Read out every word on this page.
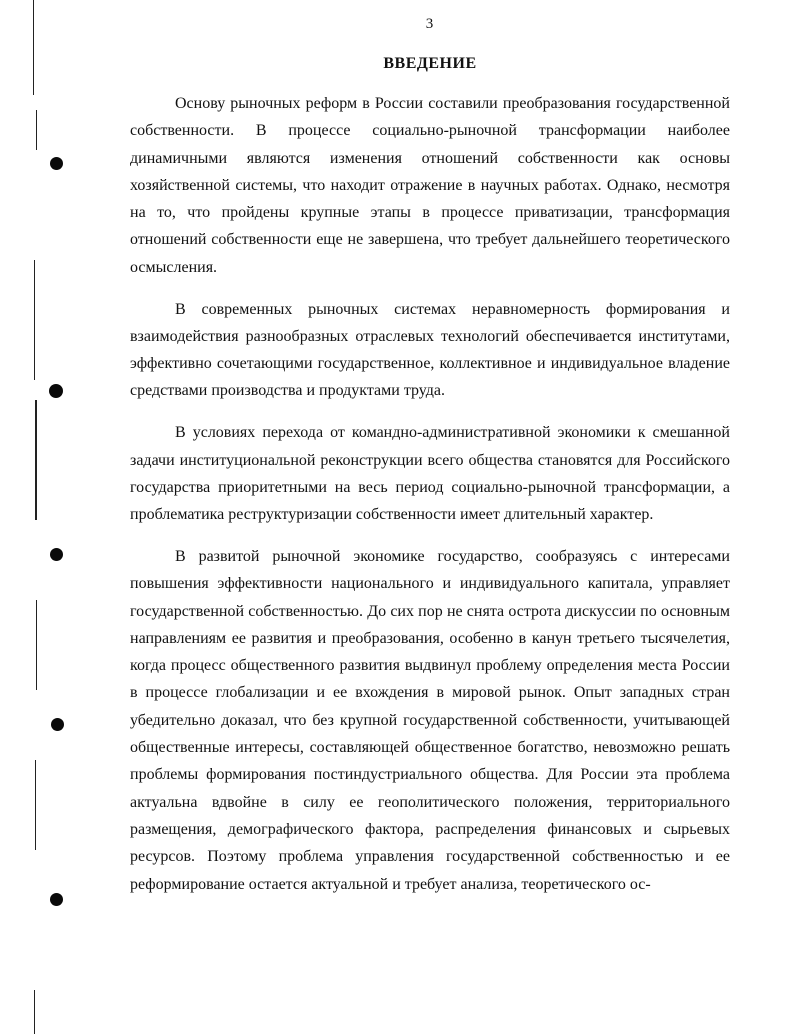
3
ВВЕДЕНИЕ

Основу рыночных реформ в России составили преобразования государственной собственности. В процессе социально-рыночной трансформации наиболее динамичными являются изменения отношений собственности как основы хозяйственной системы, что находит отражение в научных работах. Однако, несмотря на то, что пройдены крупные этапы в процессе приватизации, трансформация отношений собственности еще не завершена, что требует дальнейшего теоретического осмысления.

В современных рыночных системах неравномерность формирования и взаимодействия разнообразных отраслевых технологий обеспечивается институтами, эффективно сочетающими государственное, коллективное и индивидуальное владение средствами производства и продуктами труда.

В условиях перехода от командно-административной экономики к смешанной задачи институциональной реконструкции всего общества становятся для Российского государства приоритетными на весь период социально-рыночной трансформации, а проблематика реструктуризации собственности имеет длительный характер.

В развитой рыночной экономике государство, сообразуясь с интересами повышения эффективности национального и индивидуального капитала, управляет государственной собственностью. До сих пор не снята острота дискуссии по основным направлениям ее развития и преобразования, особенно в канун третьего тысячелетия, когда процесс общественного развития выдвинул проблему определения места России в процессе глобализации и ее вхождения в мировой рынок. Опыт западных стран убедительно доказал, что без крупной государственной собственности, учитывающей общественные интересы, составляющей общественное богатство, невозможно решать проблемы формирования постиндустриального общества. Для России эта проблема актуальна вдвойне в силу ее геополитического положения, территориального размещения, демографического фактора, распределения финансовых и сырьевых ресурсов. Поэтому проблема управления государственной собственностью и ее реформирование остается актуальной и требует анализа, теоретического ос-
